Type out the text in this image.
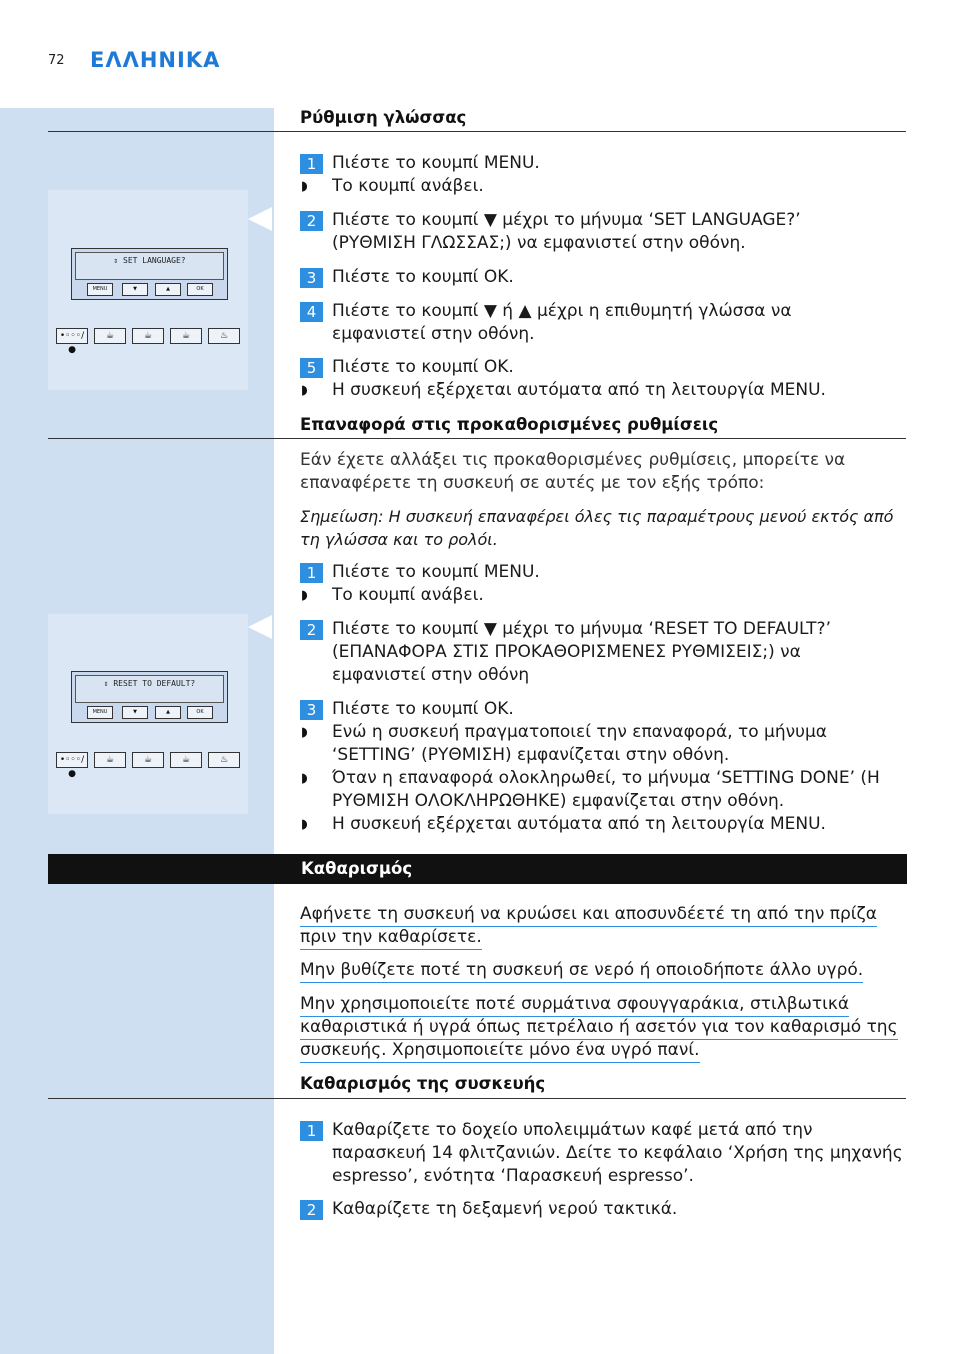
72 ΕΛΛΗΝΙΚΑ
Ρύθμιση γλώσσας
⇕ SET LANGUAGE?
MENU	▼	▲	OK
•◦◦◦/●
☕	☕	☕	♨
1 Πιέστε το κουμπί MENU.
◗ Το κουμπί ανάβει.
2 Πιέστε το κουμπί ▼ μέχρι το μήνυμα ‘SET LANGUAGE?’
(ΡΥΘΜΙΣΗ ΓΛΩΣΣΑΣ;) να εμφανιστεί στην οθόνη.
3 Πιέστε το κουμπί OK.
4 Πιέστε το κουμπί ▼ ή ▲ μέχρι η επιθυμητή γλώσσα να
εμφανιστεί στην οθόνη.
5 Πιέστε το κουμπί OK.
◗ Η συσκευή εξέρχεται αυτόματα από τη λειτουργία MENU.
Επαναφορά στις προκαθορισμένες ρυθμίσεις
Εάν έχετε αλλάξει τις προκαθορισμένες ρυθμίσεις, μπορείτε να
επαναφέρετε τη συσκευή σε αυτές με τον εξής τρόπο:
Σημείωση: Η συσκευή επαναφέρει όλες τις παραμέτρους μενού εκτός από
τη γλώσσα και το ρολόι.
⇕ RESET TO DEFAULT?
MENU	▼	▲	OK
•◦◦◦/●
☕	☕	☕	♨
1 Πιέστε το κουμπί MENU.
◗ Το κουμπί ανάβει.
2 Πιέστε το κουμπί ▼ μέχρι το μήνυμα ‘RESET TO DEFAULT?’
(ΕΠΑΝΑΦΟΡΑ ΣΤΙΣ ΠΡΟΚΑΘΟΡΙΣΜΕΝΕΣ ΡΥΘΜΙΣΕΙΣ;) να
εμφανιστεί στην οθόνη
3 Πιέστε το κουμπί OK.
◗ Ενώ η συσκευή πραγματοποιεί την επαναφορά, το μήνυμα
‘SETTING’ (ΡΥΘΜΙΣΗ) εμφανίζεται στην οθόνη.
◗ Όταν η επαναφορά ολοκληρωθεί, το μήνυμα ‘SETTING DONE’ (Η
ΡΥΘΜΙΣΗ ΟΛΟΚΛΗΡΩΘΗΚΕ) εμφανίζεται στην οθόνη.
◗ Η συσκευή εξέρχεται αυτόματα από τη λειτουργία MENU.
Καθαρισμός
Αφήνετε τη συσκευή να κρυώσει και αποσυνδέετέ τη από την πρίζα
πριν την καθαρίσετε.
Μην βυθίζετε ποτέ τη συσκευή σε νερό ή οποιοδήποτε άλλο υγρό.
Μην χρησιμοποιείτε ποτέ συρμάτινα σφουγγαράκια, στιλβωτικά
καθαριστικά ή υγρά όπως πετρέλαιο ή ασετόν για τον καθαρισμό της
συσκευής. Χρησιμοποιείτε μόνο ένα υγρό πανί.
Καθαρισμός της συσκευής
1 Καθαρίζετε το δοχείο υπολειμμάτων καφέ μετά από την
παρασκευή 14 φλιτζανιών. Δείτε το κεφάλαιο ‘Χρήση της μηχανής
espresso’, ενότητα ‘Παρασκευή espresso’.
2 Καθαρίζετε τη δεξαμενή νερού τακτικά.
